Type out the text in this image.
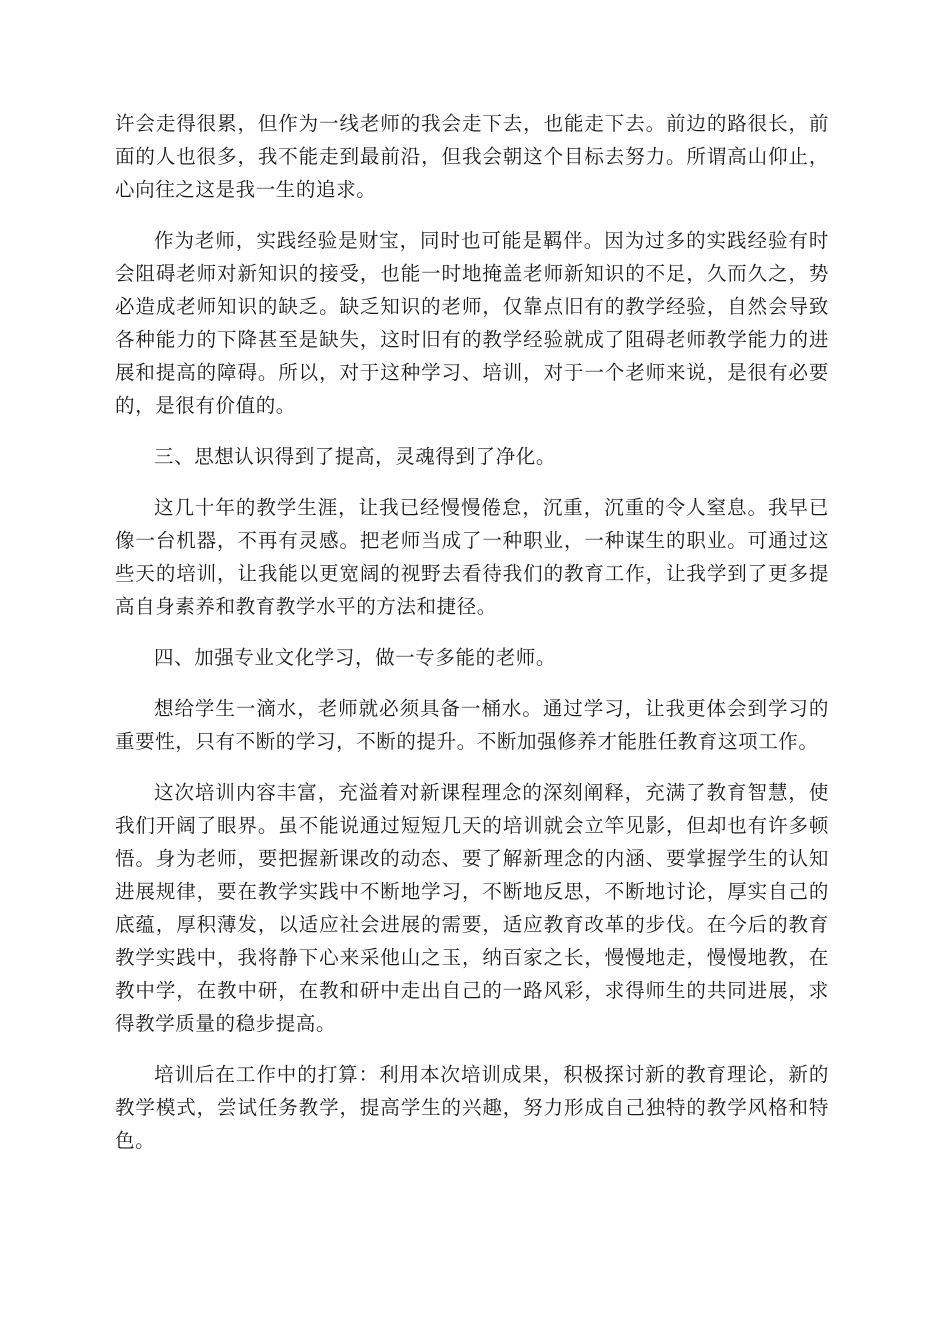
许会走得很累，但作为一线老师的我会走下去，也能走下去。前边的路很长，前面的人也很多，我不能走到最前沿，但我会朝这个目标去努力。所谓高山仰止，心向往之这是我一生的追求。

作为老师，实践经验是财宝，同时也可能是羁伴。因为过多的实践经验有时会阻碍老师对新知识的接受，也能一时地掩盖老师新知识的不足，久而久之，势必造成老师知识的缺乏。缺乏知识的老师，仅靠点旧有的教学经验，自然会导致各种能力的下降甚至是缺失，这时旧有的教学经验就成了阻碍老师教学能力的进展和提高的障碍。所以，对于这种学习、培训，对于一个老师来说，是很有必要的，是很有价值的。

三、思想认识得到了提高，灵魂得到了净化。

这几十年的教学生涯，让我已经慢慢倦怠，沉重，沉重的令人窒息。我早已像一台机器，不再有灵感。把老师当成了一种职业，一种谋生的职业。可通过这些天的培训，让我能以更宽阔的视野去看待我们的教育工作，让我学到了更多提高自身素养和教育教学水平的方法和捷径。

四、加强专业文化学习，做一专多能的老师。

想给学生一滴水，老师就必须具备一桶水。通过学习，让我更体会到学习的重要性，只有不断的学习，不断的提升。不断加强修养才能胜任教育这项工作。

这次培训内容丰富，充溢着对新课程理念的深刻阐释，充满了教育智慧，使我们开阔了眼界。虽不能说通过短短几天的培训就会立竿见影，但却也有许多顿悟。身为老师，要把握新课改的动态、要了解新理念的内涵、要掌握学生的认知进展规律，要在教学实践中不断地学习，不断地反思，不断地讨论，厚实自己的底蕴，厚积薄发，以适应社会进展的需要，适应教育改革的步伐。在今后的教育教学实践中，我将静下心来采他山之玉，纳百家之长，慢慢地走，慢慢地教，在教中学，在教中研，在教和研中走出自己的一路风彩，求得师生的共同进展，求得教学质量的稳步提高。

培训后在工作中的打算：利用本次培训成果，积极探讨新的教育理论，新的教学模式，尝试任务教学，提高学生的兴趣，努力形成自己独特的教学风格和特色。
